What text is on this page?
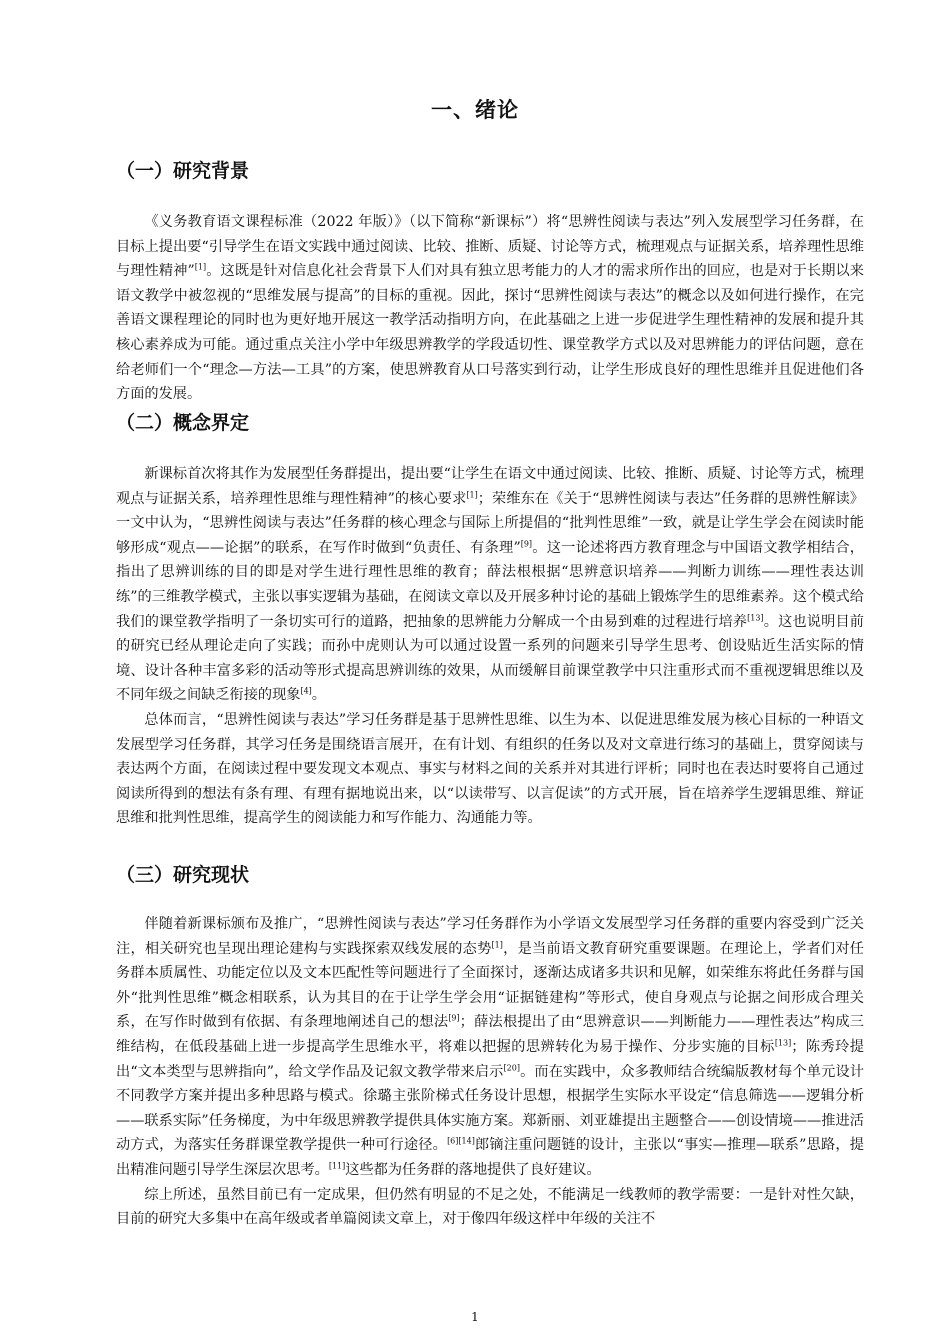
一、绪论
（一）研究背景

《义务教育语文课程标准（2022 年版）》（以下简称“新课标”）将“思辨性阅读与表达”列入发展型学习任务群，在目标上提出要“引导学生在语文实践中通过阅读、比较、推断、质疑、讨论等方式，梳理观点与证据关系，培养理性思维与理性精神”[1]。这既是针对信息化社会背景下人们对具有独立思考能力的人才的需求所作出的回应，也是对于长期以来语文教学中被忽视的“思维发展与提高”的目标的重视。因此，探讨“思辨性阅读与表达”的概念以及如何进行操作，在完善语文课程理论的同时也为更好地开展这一教学活动指明方向，在此基础之上进一步促进学生理性精神的发展和提升其核心素养成为可能。通过重点关注小学中年级思辨教学的学段适切性、课堂教学方式以及对思辨能力的评估问题，意在给老师们一个“理念—方法—工具”的方案，使思辨教育从口号落实到行动，让学生形成良好的理性思维并且促进他们各方面的发展。

（二）概念界定

新课标首次将其作为发展型任务群提出，提出要“让学生在语文中通过阅读、比较、推断、质疑、讨论等方式，梳理观点与证据关系，培养理性思维与理性精神”的核心要求[1]；荣维东在《关于“思辨性阅读与表达”任务群的思辨性解读》一文中认为，“思辨性阅读与表达”任务群的核心理念与国际上所提倡的“批判性思维”一致，就是让学生学会在阅读时能够形成“观点——论据”的联系，在写作时做到“负责任、有条理”[9]。这一论述将西方教育理念与中国语文教学相结合，指出了思辨训练的目的即是对学生进行理性思维的教育；薛法根根据“思辨意识培养——判断力训练——理性表达训练”的三维教学模式，主张以事实逻辑为基础，在阅读文章以及开展多种讨论的基础上锻炼学生的思维素养。这个模式给我们的课堂教学指明了一条切实可行的道路，把抽象的思辨能力分解成一个由易到难的过程进行培养[13]。这也说明目前的研究已经从理论走向了实践；而孙中虎则认为可以通过设置一系列的问题来引导学生思考、创设贴近生活实际的情境、设计各种丰富多彩的活动等形式提高思辨训练的效果，从而缓解目前课堂教学中只注重形式而不重视逻辑思维以及不同年级之间缺乏衔接的现象[4]。

总体而言，“思辨性阅读与表达”学习任务群是基于思辨性思维、以生为本、以促进思维发展为核心目标的一种语文发展型学习任务群，其学习任务是围绕语言展开，在有计划、有组织的任务以及对文章进行练习的基础上，贯穿阅读与表达两个方面，在阅读过程中要发现文本观点、事实与材料之间的关系并对其进行评析；同时也在表达时要将自己通过阅读所得到的想法有条有理、有理有据地说出来，以“以读带写、以言促读”的方式开展，旨在培养学生逻辑思维、辩证思维和批判性思维，提高学生的阅读能力和写作能力、沟通能力等。

（三）研究现状

伴随着新课标颁布及推广，“思辨性阅读与表达”学习任务群作为小学语文发展型学习任务群的重要内容受到广泛关注，相关研究也呈现出理论建构与实践探索双线发展的态势[1]，是当前语文教育研究重要课题。在理论上，学者们对任务群本质属性、功能定位以及文本匹配性等问题进行了全面探讨，逐渐达成诸多共识和见解，如荣维东将此任务群与国外“批判性思维”概念相联系，认为其目的在于让学生学会用“证据链建构”等形式，使自身观点与论据之间形成合理关系，在写作时做到有依据、有条理地阐述自己的想法[9]；薛法根提出了由“思辨意识——判断能力——理性表达”构成三维结构，在低段基础上进一步提高学生思维水平，将难以把握的思辨转化为易于操作、分步实施的目标[13]；陈秀玲提出“文本类型与思辨指向”，给文学作品及记叙文教学带来启示[20]。而在实践中，众多教师结合统编版教材每个单元设计不同教学方案并提出多种思路与模式。徐璐主张阶梯式任务设计思想，根据学生实际水平设定“信息筛选——逻辑分析——联系实际”任务梯度，为中年级思辨教学提供具体实施方案。郑新丽、刘亚雄提出主题整合——创设情境——推进活动方式，为落实任务群课堂教学提供一种可行途径。[6][14]郎镝注重问题链的设计，主张以“事实—推理—联系”思路，提出精准问题引导学生深层次思考。[11]这些都为任务群的落地提供了良好建议。

综上所述，虽然目前已有一定成果，但仍然有明显的不足之处，不能满足一线教师的教学需要：一是针对性欠缺，目前的研究大多集中在高年级或者单篇阅读文章上，对于像四年级这样中年级的关注不

1
